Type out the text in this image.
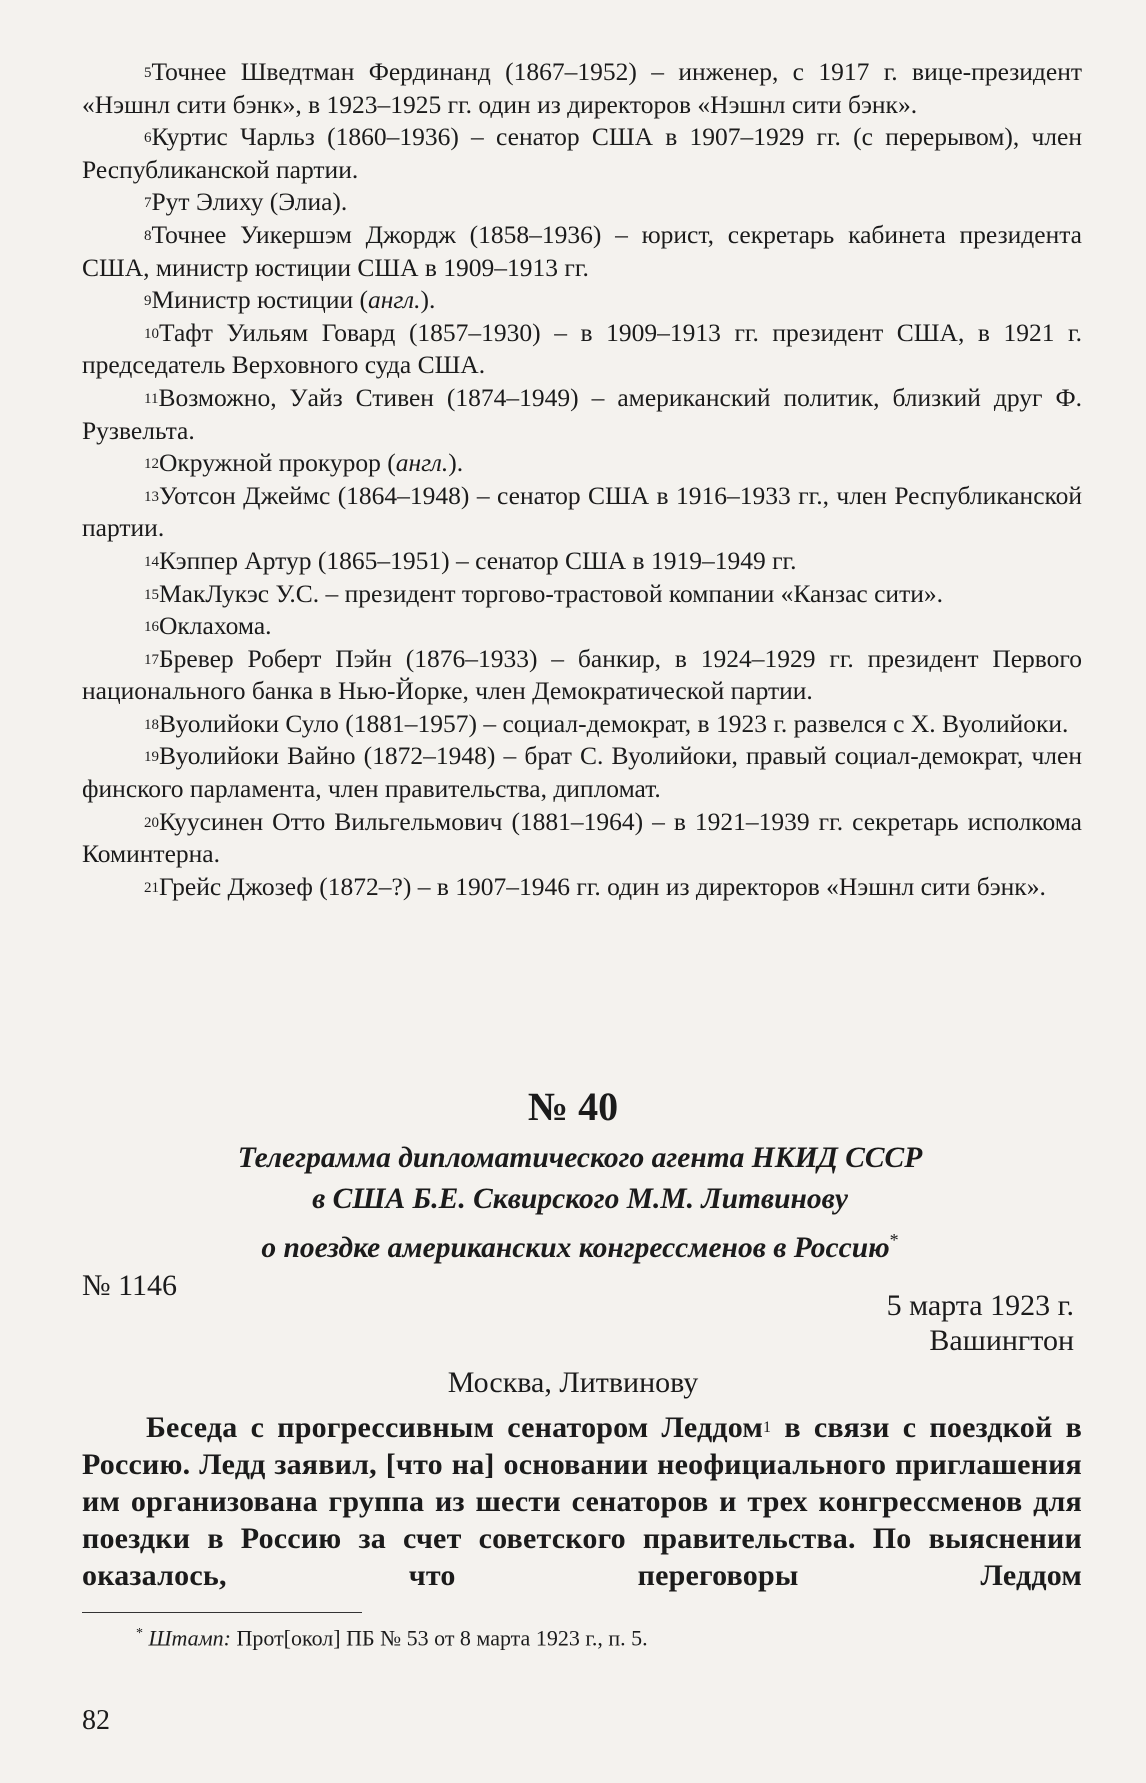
$^5$Точнее Шведтман Фердинанд (1867–1952) – инженер, с 1917 г. вице-президент «Нэшнл сити бэнк», в 1923–1925 гг. один из директоров «Нэшнл сити бэнк».

$^6$Куртис Чарльз (1860–1936) – сенатор США в 1907–1929 гг. (с перерывом), член Республиканской партии.

$^7$Рут Элиху (Элиа).

$^8$Точнее Уикершэм Джордж (1858–1936) – юрист, секретарь кабинета президента США, министр юстиции США в 1909–1913 гг.

$^9$Министр юстиции (англ.).

$^{10}$Тафт Уильям Говард (1857–1930) – в 1909–1913 гг. президент США, в 1921 г. председатель Верховного суда США.

$^{11}$Возможно, Уайз Стивен (1874–1949) – американский политик, близкий друг Ф. Рузвельта.

$^{12}$Окружной прокурор (англ.).

$^{13}$Уотсон Джеймс (1864–1948) – сенатор США в 1916–1933 гг., член Республиканской партии.

$^{14}$Кэппер Артур (1865–1951) – сенатор США в 1919–1949 гг.

$^{15}$МакЛукэс У.С. – президент торгово-трастовой компании «Канзас сити».

$^{16}$Оклахома.

$^{17}$Бревер Роберт Пэйн (1876–1933) – банкир, в 1924–1929 гг. президент Первого национального банка в Нью-Йорке, член Демократической партии.

$^{18}$Вуолийоки Суло (1881–1957) – социал-демократ, в 1923 г. развелся с Х. Вуолийоки.

$^{19}$Вуолийоки Вайно (1872–1948) – брат С. Вуолийоки, правый социал-демократ, член финского парламента, член правительства, дипломат.

$^{20}$Куусинен Отто Вильгельмович (1881–1964) – в 1921–1939 гг. секретарь исполкома Коминтерна.

$^{21}$Грейс Джозеф (1872–?) – в 1907–1946 гг. один из директоров «Нэшнл сити бэнк».

№ 40
Телеграмма дипломатического агента НКИД СССР
в США Б.Е. Сквирского М.М. Литвинову
о поездке американских конгрессменов в Россию*
№ 1146
5 марта 1923 г.
Вашингтон
Москва, Литвинову

Беседа с прогрессивным сенатором Леддом$^1$ в связи с поездкой в Россию. Ледд заявил, [что на] основании неофициального приглашения им организована группа из шести сенаторов и трех конгрессменов для поездки в Россию за счет советского правительства. По выяснении оказалось, что переговоры Леддом

* Штамп: Прот[окол] ПБ № 53 от 8 марта 1923 г., п. 5.
82
